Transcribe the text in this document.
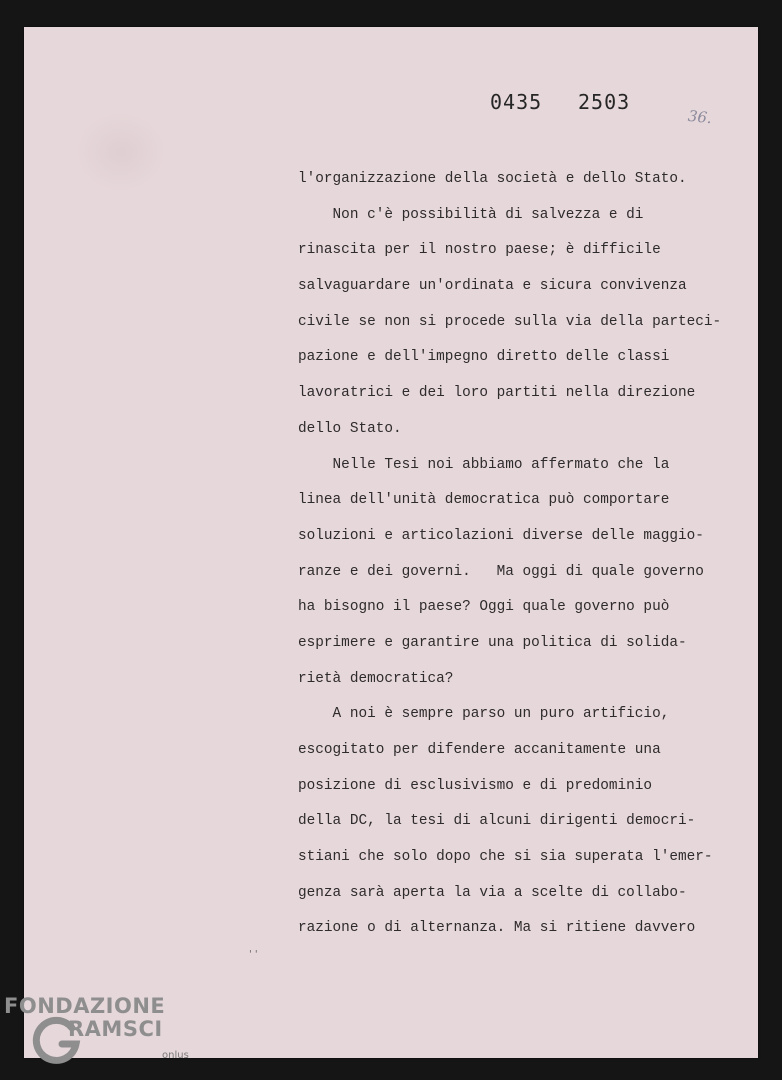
0435 2503
36.
l'organizzazione della società e dello Stato.
Non c'è possibilità di salvezza e di
rinascita per il nostro paese; è difficile
salvaguardare un'ordinata e sicura convivenza
civile se non si procede sulla via della parteci-
pazione e dell'impegno diretto delle classi
lavoratrici e dei loro partiti nella direzione
dello Stato.
Nelle Tesi noi abbiamo affermato che la
linea dell'unità democratica può comportare
soluzioni e articolazioni diverse delle maggio-
ranze e dei governi.   Ma oggi di quale governo
ha bisogno il paese? Oggi quale governo può
esprimere e garantire una politica di solida-
rietà democratica?
A noi è sempre parso un puro artificio,
escogitato per difendere accanitamente una
posizione di esclusivismo e di predominio
della DC, la tesi di alcuni dirigenti democri-
stiani che solo dopo che si sia superata l'emer-
genza sarà aperta la via a scelte di collabo-
razione o di alternanza. Ma si ritiene davvero
' '
FONDAZIONE
RAMSCI
onlus
